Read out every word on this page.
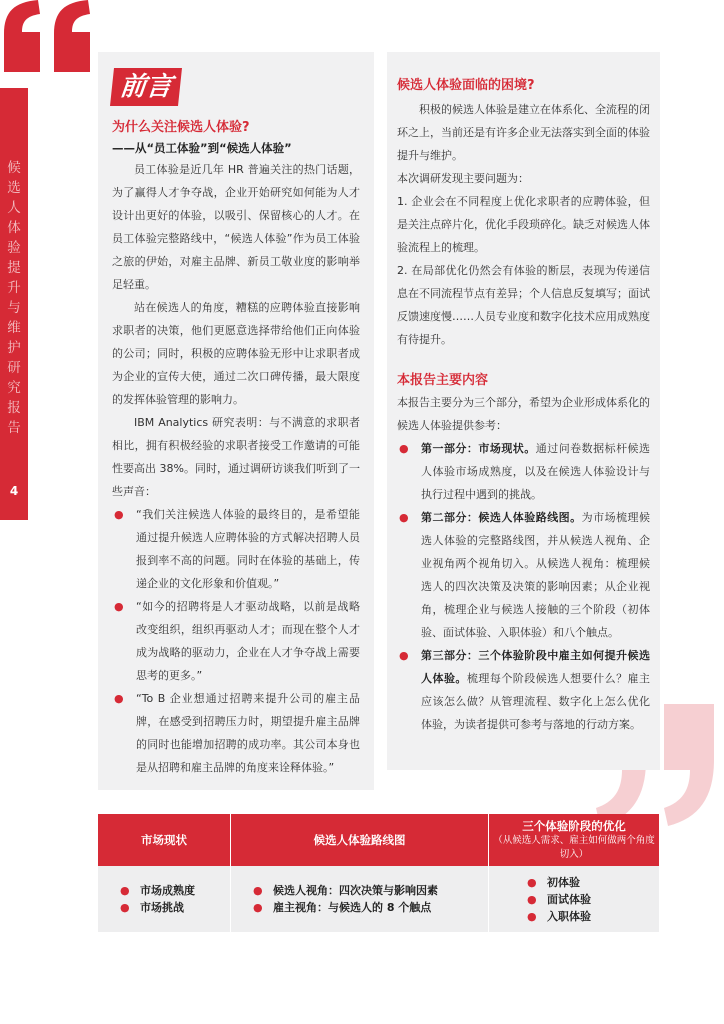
候选人体验提升与维护研究报告
4
前言
为什么关注候选人体验?
——从“员工体验”到“候选人体验”

员工体验是近几年 HR 普遍关注的热门话题，为了赢得人才争夺战，企业开始研究如何能为人才设计出更好的体验，以吸引、保留核心的人才。在员工体验完整路线中，“候选人体验”作为员工体验之旅的伊始，对雇主品牌、新员工敬业度的影响举足轻重。

站在候选人的角度，糟糕的应聘体验直接影响求职者的决策，他们更愿意选择带给他们正向体验的公司；同时，积极的应聘体验无形中让求职者成为企业的宣传大使，通过二次口碑传播，最大限度的发挥体验管理的影响力。

IBM Analytics 研究表明：与不满意的求职者相比，拥有积极经验的求职者接受工作邀请的可能性要高出 38%。同时，通过调研访谈我们听到了一些声音：

● “我们关注候选人体验的最终目的，是希望能通过提升候选人应聘体验的方式解决招聘人员报到率不高的问题。同时在体验的基础上，传递企业的文化形象和价值观。”
● “如今的招聘将是人才驱动战略，以前是战略改变组织，组织再驱动人才；而现在整个人才成为战略的驱动力，企业在人才争夺战上需要思考的更多。”
● “To B 企业想通过招聘来提升公司的雇主品牌，在感受到招聘压力时，期望提升雇主品牌的同时也能增加招聘的成功率。其公司本身也是从招聘和雇主品牌的角度来诠释体验。”
候选人体验面临的困境?

积极的候选人体验是建立在体系化、全流程的闭环之上，当前还是有许多企业无法落实到全面的体验提升与维护。

本次调研发现主要问题为：

1. 企业会在不同程度上优化求职者的应聘体验，但是关注点碎片化，优化手段琐碎化。缺乏对候选人体验流程上的梳理。

2. 在局部优化仍然会有体验的断层，表现为传递信息在不同流程节点有差异；个人信息反复填写；面试反馈速度慢……人员专业度和数字化技术应用成熟度有待提升。

本报告主要内容

本报告主要分为三个部分，希望为企业形成体系化的候选人体验提供参考：

● 第一部分：市场现状。通过问卷数据标杆候选人体验市场成熟度，以及在候选人体验设计与执行过程中遇到的挑战。
● 第二部分：候选人体验路线图。为市场梳理候选人体验的完整路线图，并从候选人视角、企业视角两个视角切入。从候选人视角：梳理候选人的四次决策及决策的影响因素；从企业视角，梳理企业与候选人接触的三个阶段（初体验、面试体验、入职体验）和八个触点。
● 第三部分：三个体验阶段中雇主如何提升候选人体验。梳理每个阶段候选人想要什么？雇主应该怎么做？从管理流程、数字化上怎么优化体验，为读者提供可参考与落地的行动方案。
市场现状	候选人体验路线图
三个体验阶段的优化
（从候选人需求、雇主如何做两个角度切入）
● 市场成熟度
● 市场挑战
● 候选人视角：四次决策与影响因素
● 雇主视角：与候选人的 8 个触点
● 初体验
● 面试体验
● 入职体验
